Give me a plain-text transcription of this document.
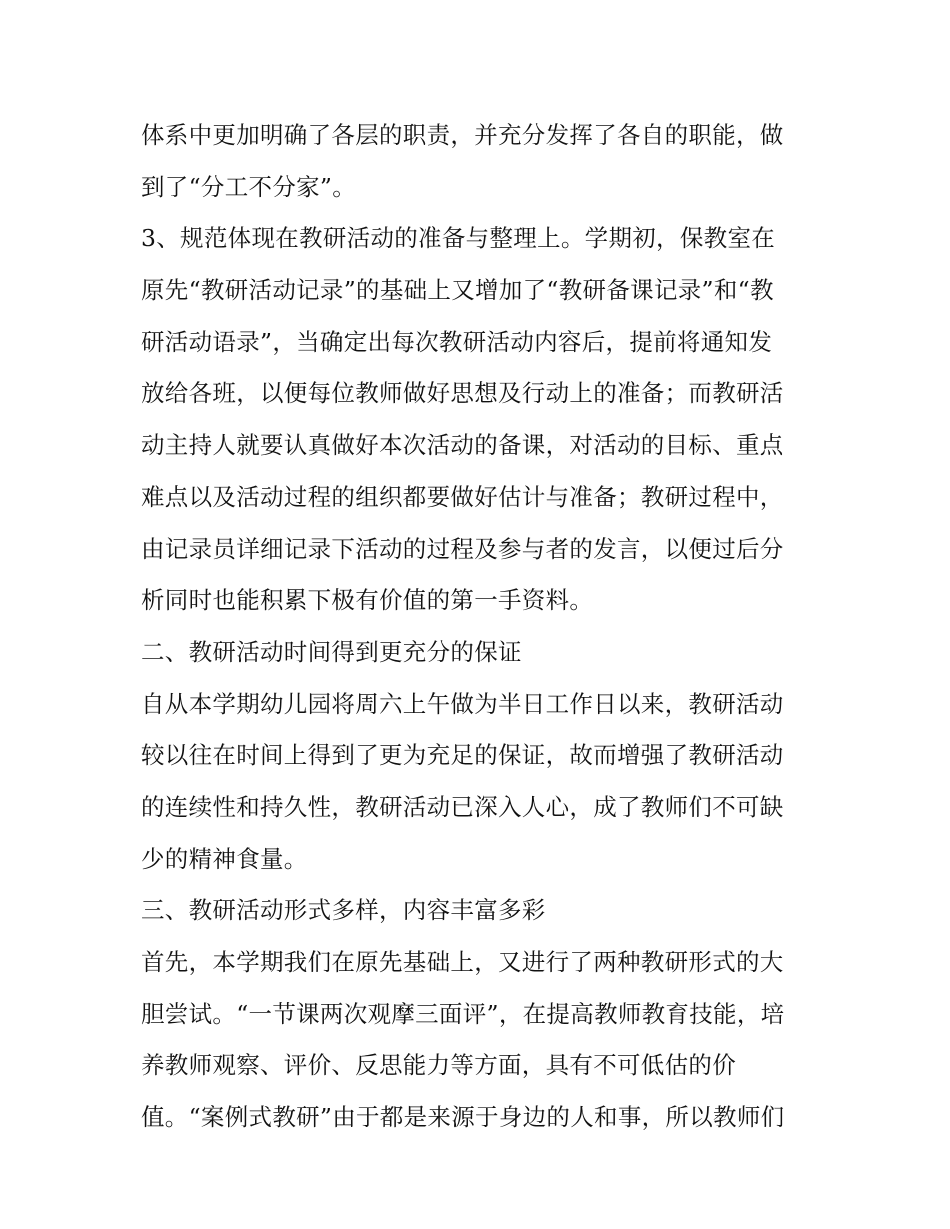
体系中更加明确了各层的职责，并充分发挥了各自的职能，做
到了“分工不分家”。
3、规范体现在教研活动的准备与整理上。学期初，保教室在
原先“教研活动记录”的基础上又增加了“教研备课记录”和“教
研活动语录”，当确定出每次教研活动内容后，提前将通知发
放给各班，以便每位教师做好思想及行动上的准备；而教研活
动主持人就要认真做好本次活动的备课，对活动的目标、重点
难点以及活动过程的组织都要做好估计与准备；教研过程中，
由记录员详细记录下活动的过程及参与者的发言，以便过后分
析同时也能积累下极有价值的第一手资料。
二、教研活动时间得到更充分的保证
自从本学期幼儿园将周六上午做为半日工作日以来，教研活动
较以往在时间上得到了更为充足的保证，故而增强了教研活动
的连续性和持久性，教研活动已深入人心，成了教师们不可缺
少的精神食量。
三、教研活动形式多样，内容丰富多彩
首先，本学期我们在原先基础上，又进行了两种教研形式的大
胆尝试。“一节课两次观摩三面评”，在提高教师教育技能，培
养教师观察、评价、反思能力等方面，具有不可低估的价
值。“案例式教研”由于都是来源于身边的人和事，所以教师们
